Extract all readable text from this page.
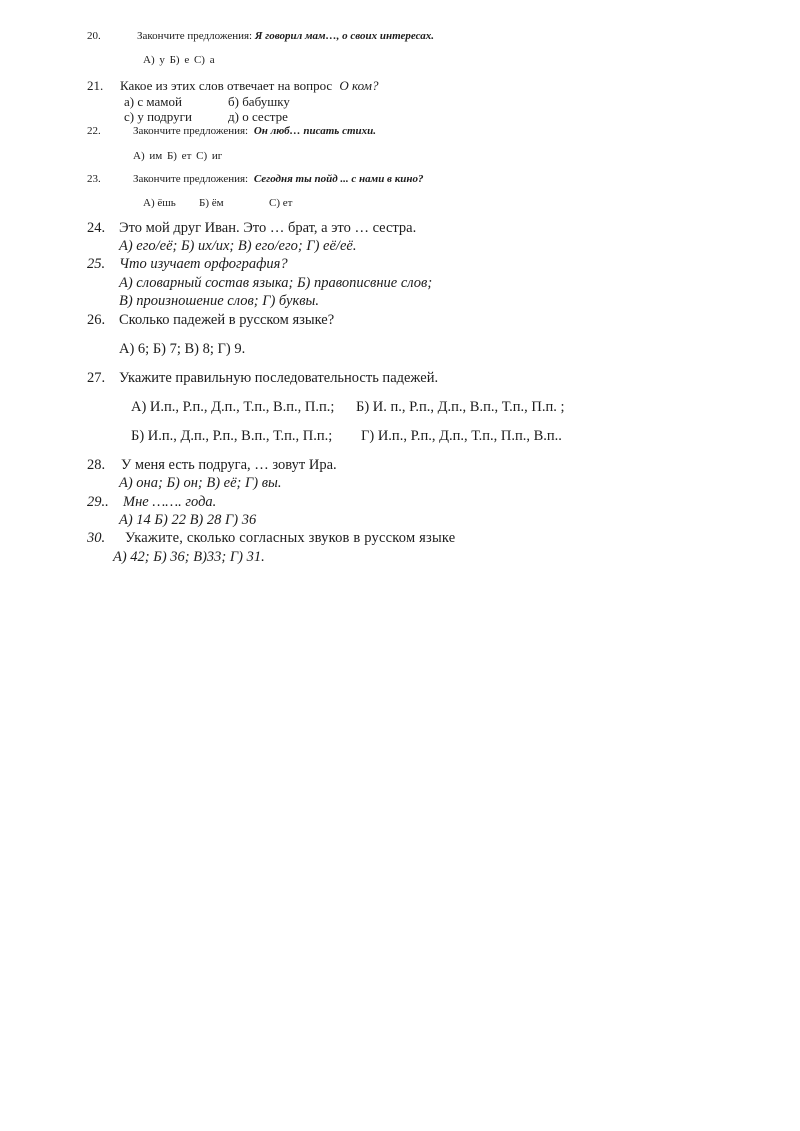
20.	Закончите предложения: Я говорил мам…, о своих интересах.
А) у Б) е С) а
21. Какое из этих слов отвечает на вопрос О ком?
а) с мамой	б) бабушку
с) у подруги	д) о сестре
22.	Закончите предложения: Он люб… писать стихи.
А) им Б) ет С) иг
23.	Закончите предложения: Сегодня ты пойд ... с нами в кино?
А) ёшь Б) ём	С) ет
24. Это мой друг Иван. Это … брат, а это … сестра.
А) его/её; Б) их/их; В) его/его; Г) её/её.
25. Что изучает орфография?
А) словарный состав языка; Б) правописвние слов;
В) произношение слов; Г) буквы.
26. Сколько падежей в русском языке?
А) 6; Б) 7; В) 8; Г) 9.
27. Укажите правильную последовательность падежей.
А) И.п., Р.п., Д.п., Т.п., В.п., П.п.; Б) И. п., Р.п., Д.п., В.п., Т.п., П.п. ;
Б) И.п., Д.п., Р.п., В.п., Т.п., П.п.; Г) И.п., Р.п., Д.п., Т.п., П.п., В.п..
28. У меня есть подруга, … зовут Ира.
А) она; Б) он; В) её; Г) вы.
29.. Мне ……. года.
А) 14 Б) 22 В) 28 Г) 36
30. Укажите, сколько согласных звуков в русском языке
А) 42; Б) 36; В)33; Г) 31.
